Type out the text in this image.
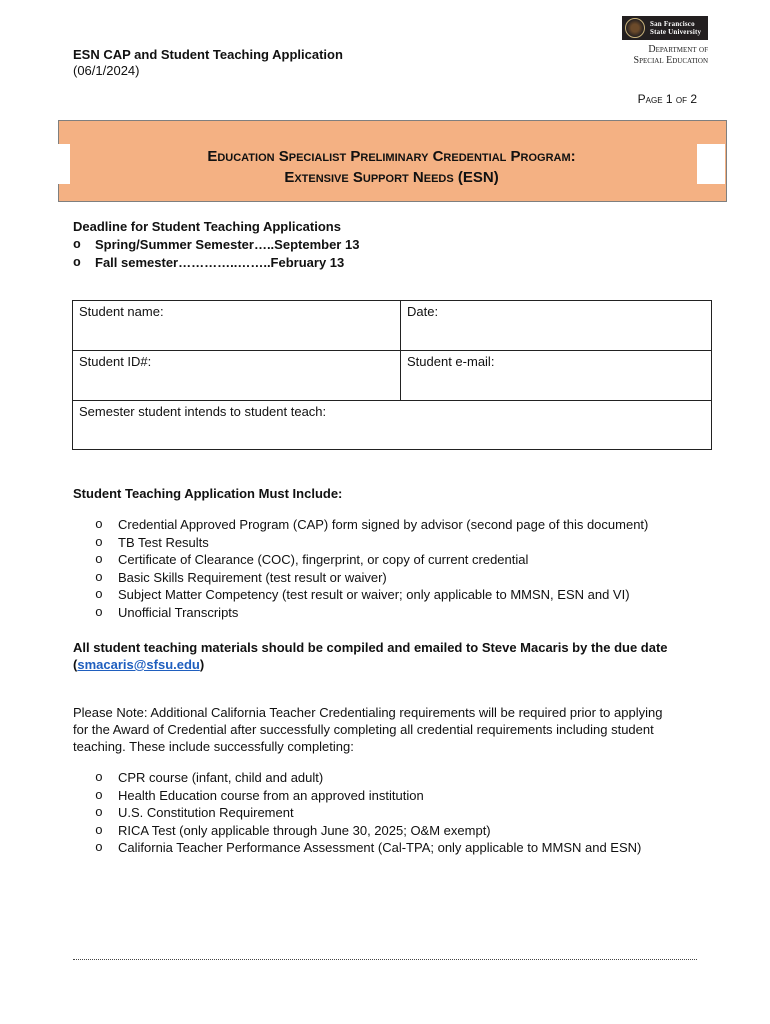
ESN CAP and Student Teaching Application
(06/1/2024)
San Francisco
State University
Department of
Special Education
Page 1 of 2
Education Specialist Preliminary Credential Program:
Extensive Support Needs (ESN)
Deadline for Student Teaching Applications
o Spring/Summer Semester…..September 13
o Fall semester…………..……..February 13
Student name:	Date:
Student ID#:	Student e-mail:
Semester student intends to student teach:
Student Teaching Application Must Include:
o Credential Approved Program (CAP) form signed by advisor (second page of this document)
o TB Test Results
o Certificate of Clearance (COC), fingerprint, or copy of current credential
o Basic Skills Requirement (test result or waiver)
o Subject Matter Competency (test result or waiver; only applicable to MMSN, ESN and VI)
o Unofficial Transcripts
All student teaching materials should be compiled and emailed to Steve Macaris by the due date (smacaris@sfsu.edu)
Please Note: Additional California Teacher Credentialing requirements will be required prior to applying for the Award of Credential after successfully completing all credential requirements including student teaching. These include successfully completing:
o CPR course (infant, child and adult)
o Health Education course from an approved institution
o U.S. Constitution Requirement
o RICA Test (only applicable through June 30, 2025; O&M exempt)
o California Teacher Performance Assessment (Cal-TPA; only applicable to MMSN and ESN)
